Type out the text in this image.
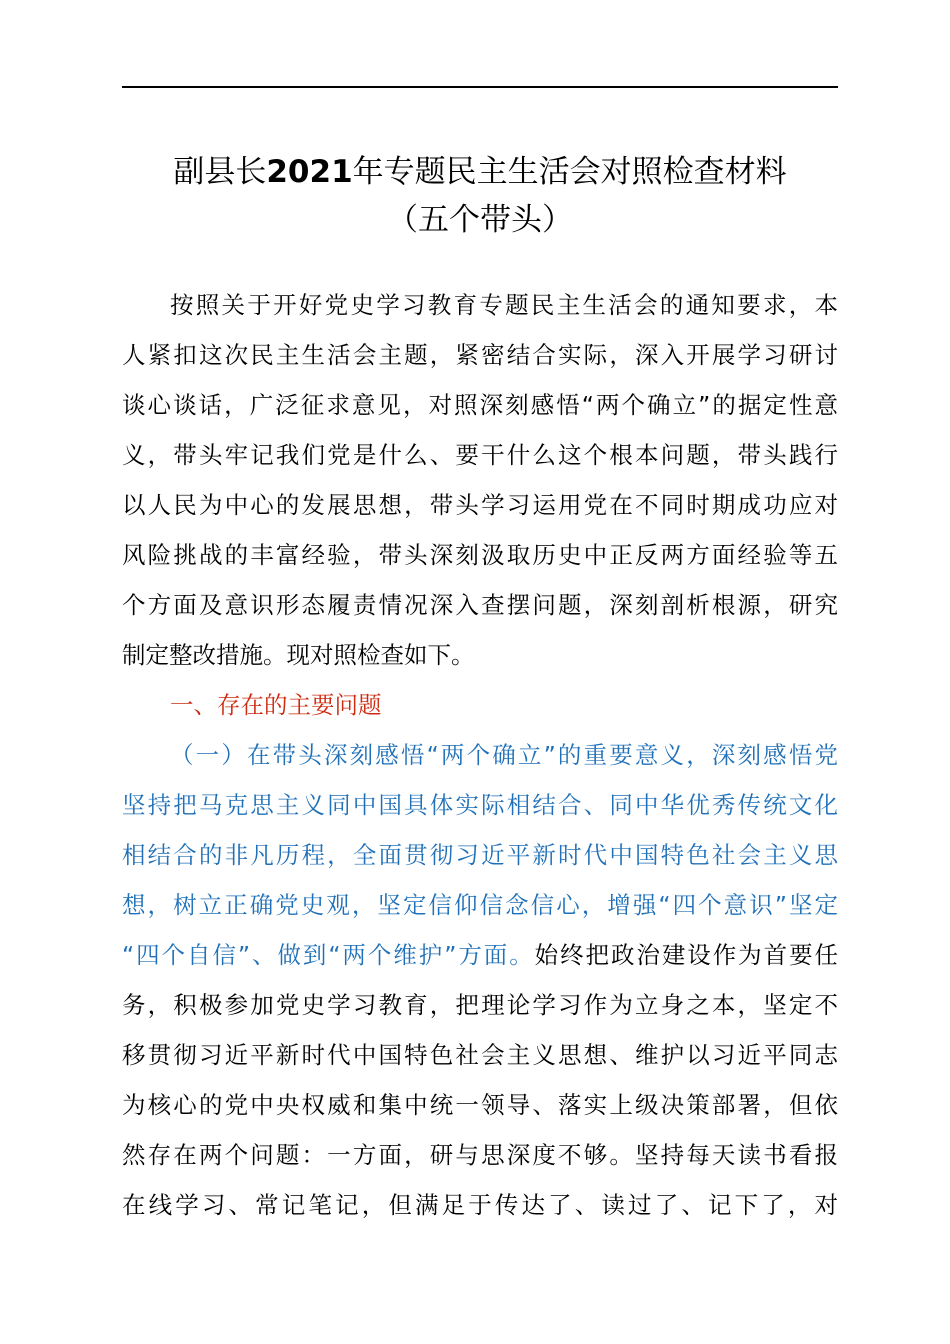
副县长2021年专题民主生活会对照检查材料
（五个带头）
按照关于开好党史学习教育专题民主生活会的通知要求，本
人紧扣这次民主生活会主题，紧密结合实际，深入开展学习研讨
谈心谈话，广泛征求意见，对照深刻感悟“两个确立”的据定性意
义，带头牢记我们党是什么、要干什么这个根本问题，带头践行
以人民为中心的发展思想，带头学习运用党在不同时期成功应对
风险挑战的丰富经验，带头深刻汲取历史中正反两方面经验等五
个方面及意识形态履责情况深入查摆问题，深刻剖析根源，研究
制定整改措施。现对照检查如下。
一、存在的主要问题
（一）在带头深刻感悟“两个确立”的重要意义，深刻感悟党
坚持把马克思主义同中国具体实际相结合、同中华优秀传统文化
相结合的非凡历程，全面贯彻习近平新时代中国特色社会主义思
想，树立正确党史观，坚定信仰信念信心，增强“四个意识”坚定
“四个自信”、做到“两个维护”方面。始终把政治建设作为首要任
务，积极参加党史学习教育，把理论学习作为立身之本，坚定不
移贯彻习近平新时代中国特色社会主义思想、维护以习近平同志
为核心的党中央权威和集中统一领导、落实上级决策部署，但依
然存在两个问题：一方面，研与思深度不够。坚持每天读书看报
在线学习、常记笔记，但满足于传达了、读过了、记下了，对
